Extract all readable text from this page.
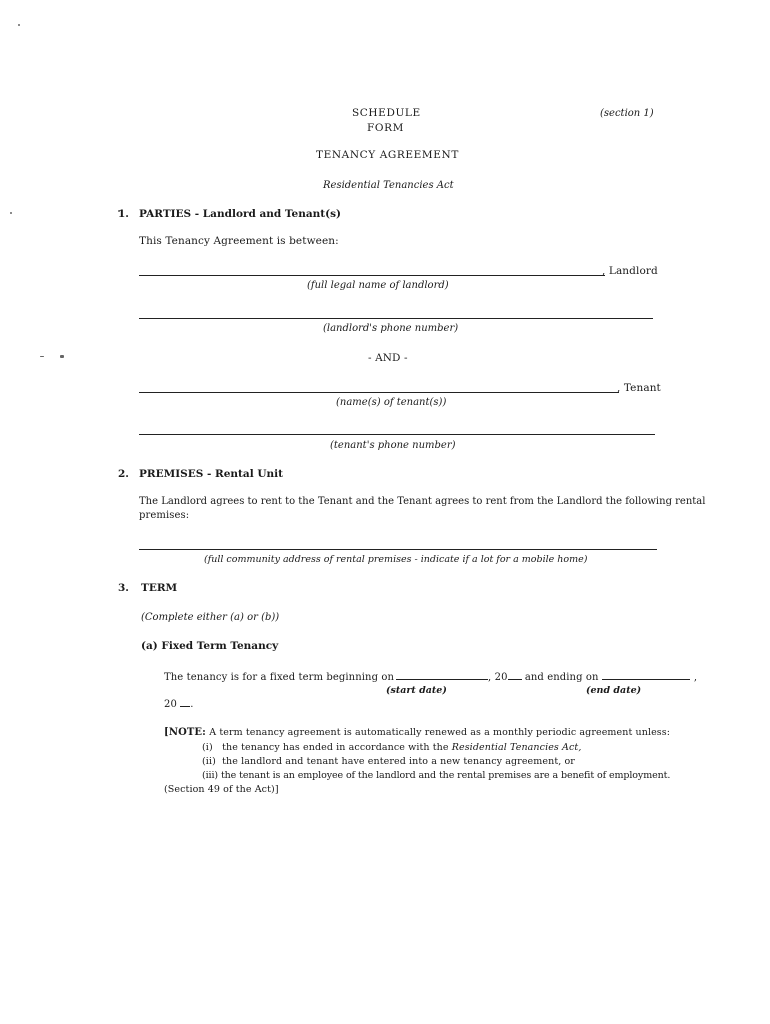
SCHEDULE
FORM
(section 1)
TENANCY AGREEMENT
Residential Tenancies Act
1. PARTIES - Landlord and Tenant(s)
This Tenancy Agreement is between:
, Landlord
(full legal name of landlord)
(landlord's phone number)
- AND -
, Tenant
(name(s) of tenant(s))
(tenant's phone number)
2. PREMISES - Rental Unit
The Landlord agrees to rent to the Tenant and the Tenant agrees to rent from the Landlord the following rental
premises:
(full community address of rental premises - indicate if a lot for a mobile home)
3. TERM
(Complete either (a) or (b))
(a) Fixed Term Tenancy
The tenancy is for a fixed term beginning on	, 20 and ending on	,
(start date)	(end date)
20 .
[NOTE: A term tenancy agreement is automatically renewed as a monthly periodic agreement unless:
(i)   the tenancy has ended in accordance with the Residential Tenancies Act,
(ii)  the landlord and tenant have entered into a new tenancy agreement, or
(iii) the tenant is an employee of the landlord and the rental premises are a benefit of employment.
(Section 49 of the Act)]
